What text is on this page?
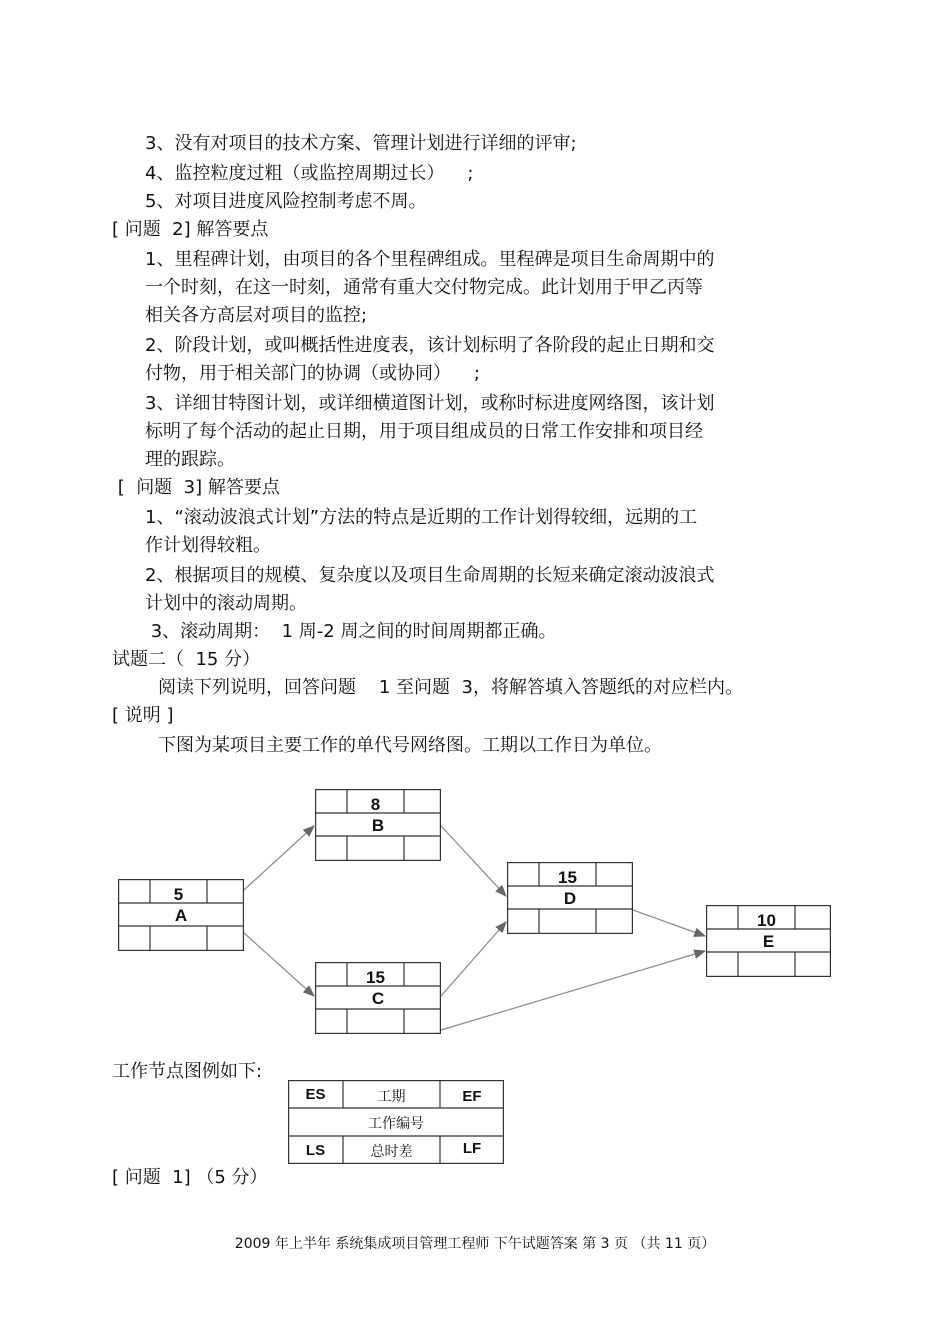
3、没有对项目的技术方案、管理计划进行详细的评审;
4、监控粒度过粗（或监控周期过长）    ;
5、对项目进度风险控制考虑不周。
[ 问题  2] 解答要点
1、里程碑计划，由项目的各个里程碑组成。里程碑是项目生命周期中的
一个时刻，在这一时刻，通常有重大交付物完成。此计划用于甲乙丙等
相关各方高层对项目的监控;
2、阶段计划，或叫概括性进度表，该计划标明了各阶段的起止日期和交
付物，用于相关部门的协调（或协同）    ;
3、详细甘特图计划，或详细横道图计划，或称时标进度网络图，该计划
标明了每个活动的起止日期，用于项目组成员的日常工作安排和项目经
理的跟踪。
[  问题  3] 解答要点
1、“滚动波浪式计划”方法的特点是近期的工作计划得较细，远期的工
作计划得较粗。
2、根据项目的规模、复杂度以及项目生命周期的长短来确定滚动波浪式
计划中的滚动周期。
3、滚动周期：  1 周-2 周之间的时间周期都正确。
试题二（  15 分）
阅读下列说明，回答问题    1 至问题  3，将解答填入答题纸的对应栏内。
[ 说明 ]
下图为某项目主要工作的单代号网络图。工期以工作日为单位。
5
A
8
B
15
C
15
D
10
E
工作节点图例如下:
ES	工期	EF
工作编号
LS	总时差	LF
[ 问题  1] （5 分）
2009 年上半年 系统集成项目管理工程师 下午试题答案 第 3 页 （共 11 页）
